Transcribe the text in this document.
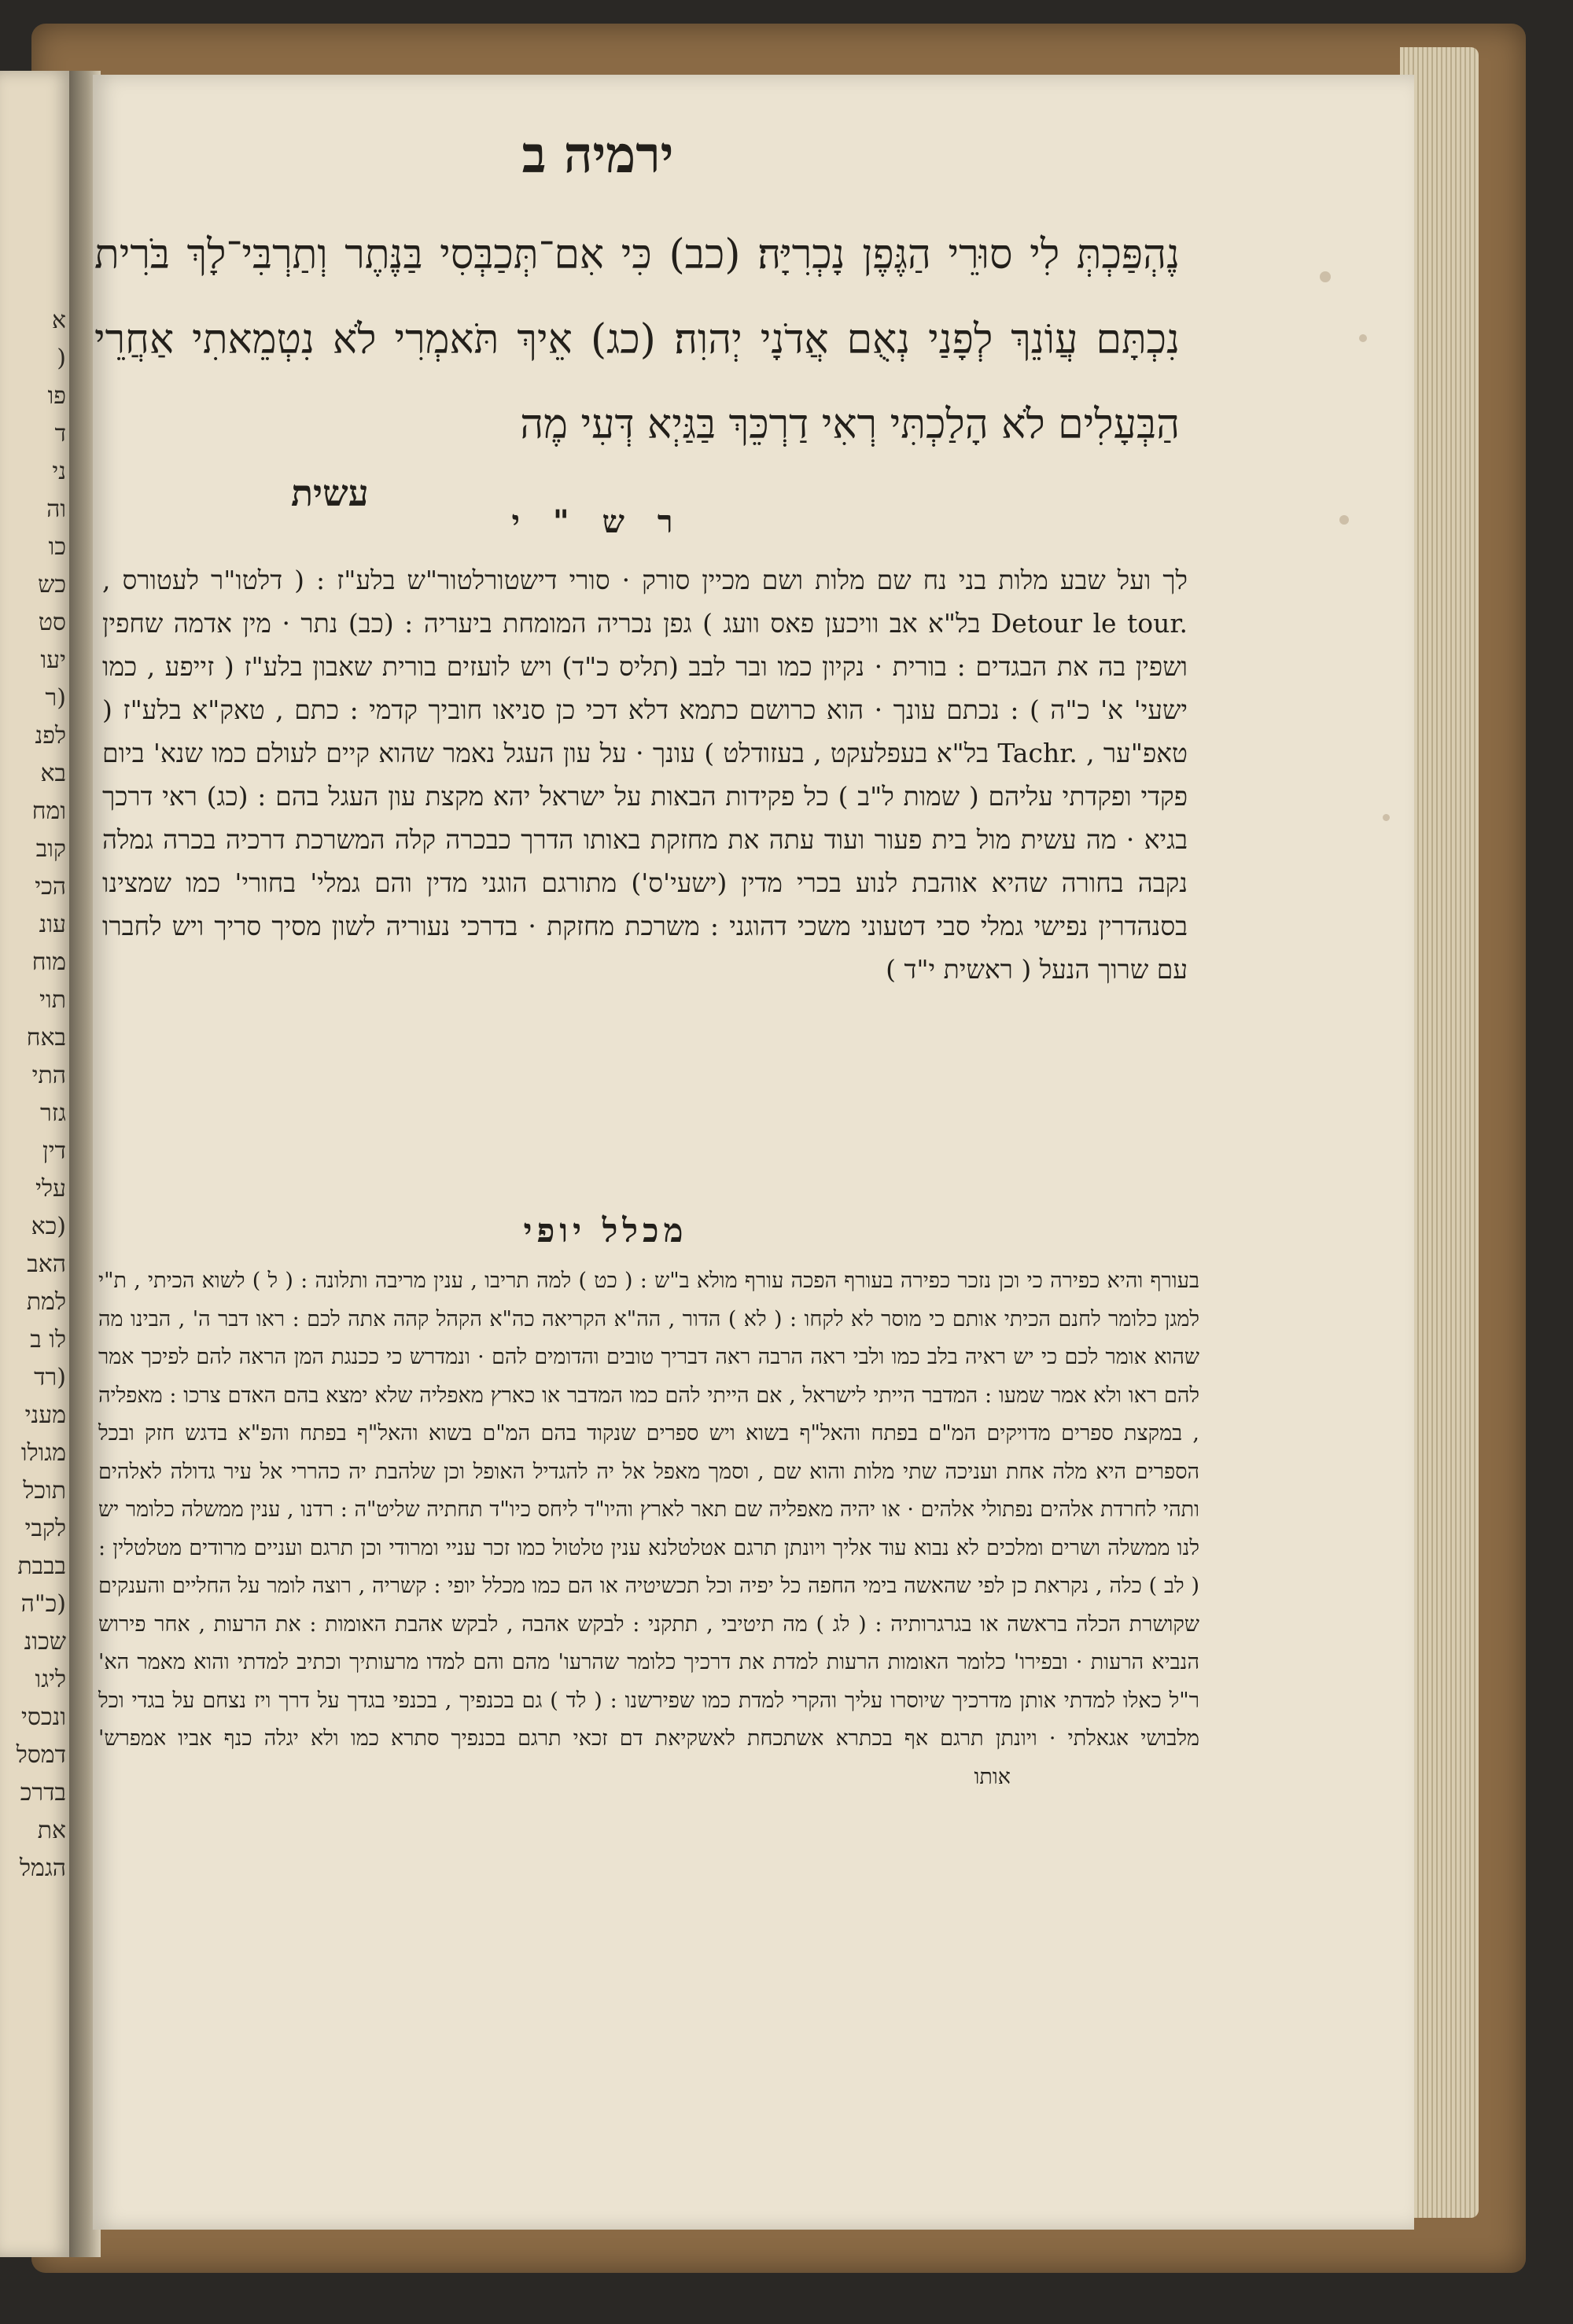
א
(
פו
ד
ני
וה
כו
כש
סט
יעו
(ר
לפנ
בא
ומח
קוב
הכי
עונ
מוח
תוי
באח
התי
גזר
דין
עלי
(כא
האב
למת
לו ב
(רד
מעני
מגולו
תוכל
לקבי
בבבת
(כ"ה
שכונ
ליגו
ונכסי
דמסל
בדרכ
את
הגמל
ירמיה ב
נֶהְפַּכְתְּ לִי סוּרֵי הַגֶּפֶן נָכְרִיָּה׃ (כב) כִּי אִם־תְּכַבְּסִי בַּנֶּתֶר וְתַרְבִּי־לָךְ בֹּרִית נִכְתָּם עֲוֹנֵךְ לְפָנַי נְאֻם אֲדֹנָי יְהוִה׃ (כג) אֵיךְ תֹּאמְרִי לֹא נִטְמֵאתִי אַחֲרֵי הַבְּעָלִים לֹא הָלַכְתִּי רְאִי דַרְכֵּךְ בַּגַּיְא דְּעִי מֶה
עשית
ר ש " י
לך ועל שבע מלות בני נח שם מלות ושם מכיין סורק · סורי דישטורלטור"ש בלע"ז : ( דלטו"ר לעטורס , Detour le tour. בל"א אב וויכען פאס וועג ) גפן נכריה המומחת ביעריה : (כב) נתר · מין אדמה שחפין ושפין בה את הבגדים : בורית · נקיון כמו ובר לבב (תליס כ"ד) ויש לועזים בורית שאבון בלע"ז ( זייפע , כמו ישעי' א' כ"ה ) : נכתם עונך · הוא כרושם כתמא דלא דכי כן סניאו חוביך קדמי : כתם , טאק"א בלע"ז ( טאפ"ער , Tachr. בל"א בעפלעקט , בעזודלט ) עונך · על עון העגל נאמר שהוא קיים לעולם כמו שנא' ביום פקדי ופקדתי עליהם ( שמות ל"ב ) כל פקידות הבאות על ישראל יהא מקצת עון העגל בהם : (כג) ראי דרכך בגיא · מה עשית מול בית פעור ועוד עתה את מחזקת באותו הדרך כבכרה קלה המשרכת דרכיה בכרה גמלה נקבה בחורה שהיא אוהבת לנוע בכרי מדין (ישעי'ס') מתורגם הוגני מדין והם גמלי' בחורי' כמו שמצינו בסנהדרין נפישי גמלי סבי דטעוני משכי דהוגני : משרכת מחזקת · בדרכי נעוריה לשון מסיך סריך ויש לחברו עם שרוך הנעל ( ראשית י"ד )
מכלל יופי
בעורף והיא כפירה כי וכן נזכר כפירה בעורף הפכה עורף מולא ב"ש : ( כט ) למה תריבו , ענין מריבה ותלונה : ( ל ) לשוא הכיתי , ת"י למגן כלומר לחנם הכיתי אותם כי מוסר לא לקחו : ( לא ) הדור , הה"א הקריאה כה"א הקהל קהה אתה לכם : ראו דבר ה' , הבינו מה שהוא אומר לכם כי יש ראיה בלב כמו ולבי ראה הרבה ראה דבריך טובים והדומים להם · ונמדרש כי ככנגת המן הראה להם לפיכך אמר להם ראו ולא אמר שמעו : המדבר הייתי לישראל , אם הייתי להם כמו המדבר או כארץ מאפליה שלא ימצא בהם האדם צרכו : מאפליה , במקצת ספרים מדויקים המ"ם בפתח והאל"ף בשוא ויש ספרים שנקוד בהם המ"ם בשוא והאל"ף בפתח והפ"א בדגש חזק ובכל הספרים היא מלה אחת ועניכה שתי מלות והוא שם , וסמך מאפל אל יה להגדיל האופל וכן שלהבת יה כהררי אל עיר גדולה לאלהים ותהי לחרדת אלהים נפתולי אלהים · או יהיה מאפליה שם תאר לארץ והיו"ד ליחס כיו"ד תחתיה שליט"ה : רדנו , ענין ממשלה כלומר יש לנו ממשלה ושרים ומלכים לא נבוא עוד אליך ויונתן תרגם אטלטלנא ענין טלטול כמו זכר עניי ומרודי וכן תרגם ועניים מרודים מטלטלין : ( לב ) כלה , נקראת כן לפי שהאשה בימי החפה כל יפיה וכל תכשיטיה או הם כמו מכלל יופי : קשריה , רוצה לומר על החליים והענקים שקושרת הכלה בראשה או בגרגרותיה : ( לג ) מה תיטיבי , תתקני : לבקש אהבה , לבקש אהבת האומות : את הרעות , אחר פירוש הנביא הרעות · ובפירו' כלומר האומות הרעות למדת את דרכיך כלומר שהרעו' מהם והם למדו מרעותיך וכתיב למדתי והוא מאמר הא' ר"ל כאלו למדתי אותן מדרכיך שיוסרו עליך והקרי למדת כמו שפירשנו : ( לד ) גם בכנפיך , בכנפי בגדך על דרך ויז נצחם על בגדי וכל מלבושי אגאלתי · ויונתן תרגם אף בכתרא אשתכחת לאשקיאת דם זכאי תרגם בכנפיך סתרא כמו ולא יגלה כנף אביו אמפרש' אותו
